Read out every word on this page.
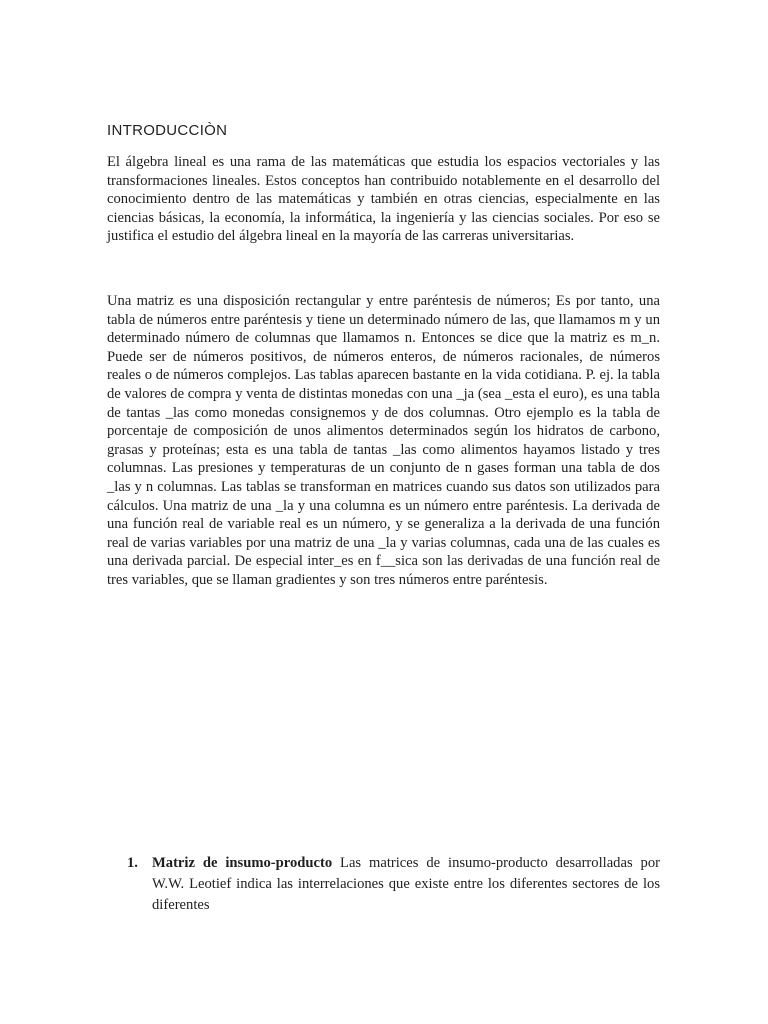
INTRODUCCIÒN

El álgebra lineal es una rama de las matemáticas que estudia los espacios vectoriales y las transformaciones lineales. Estos conceptos han contribuido notablemente en el desarrollo del conocimiento dentro de las matemáticas y también en otras ciencias, especialmente en las ciencias básicas, la economía, la informática, la ingeniería y las ciencias sociales. Por eso se justifica el estudio del álgebra lineal en la mayoría de las carreras universitarias.

Una matriz es una disposición rectangular y entre paréntesis de números; Es por tanto, una tabla de números entre paréntesis y tiene un determinado número de las, que llamamos m y un determinado número de columnas que llamamos n. Entonces se dice que la matriz es m_n. Puede ser de números positivos, de números enteros, de números racionales, de números reales o de números complejos. Las tablas aparecen bastante en la vida cotidiana. P. ej. la tabla de valores de compra y venta de distintas monedas con una _ja (sea _esta el euro), es una tabla de tantas _las como monedas consignemos y de dos columnas. Otro ejemplo es la tabla de porcentaje de composición de unos alimentos determinados según los hidratos de carbono, grasas y proteínas; esta es una tabla de tantas _las como alimentos hayamos listado y tres columnas. Las presiones y temperaturas de un conjunto de n gases forman una tabla de dos _las y n columnas. Las tablas se transforman en matrices cuando sus datos son utilizados para cálculos. Una matriz de una _la y una columna es un número entre paréntesis. La derivada de una función real de variable real es un número, y se generaliza a la derivada de una función real de varias variables por una matriz de una _la y varias columnas, cada una de las cuales es una derivada parcial. De especial inter_es en f__sica son las derivadas de una función real de tres variables, que se llaman gradientes y son tres números entre paréntesis.

1. Matriz de insumo-producto Las matrices de insumo-producto desarrolladas por W.W. Leotief indica las interrelaciones que existe entre los diferentes sectores de los diferentes
